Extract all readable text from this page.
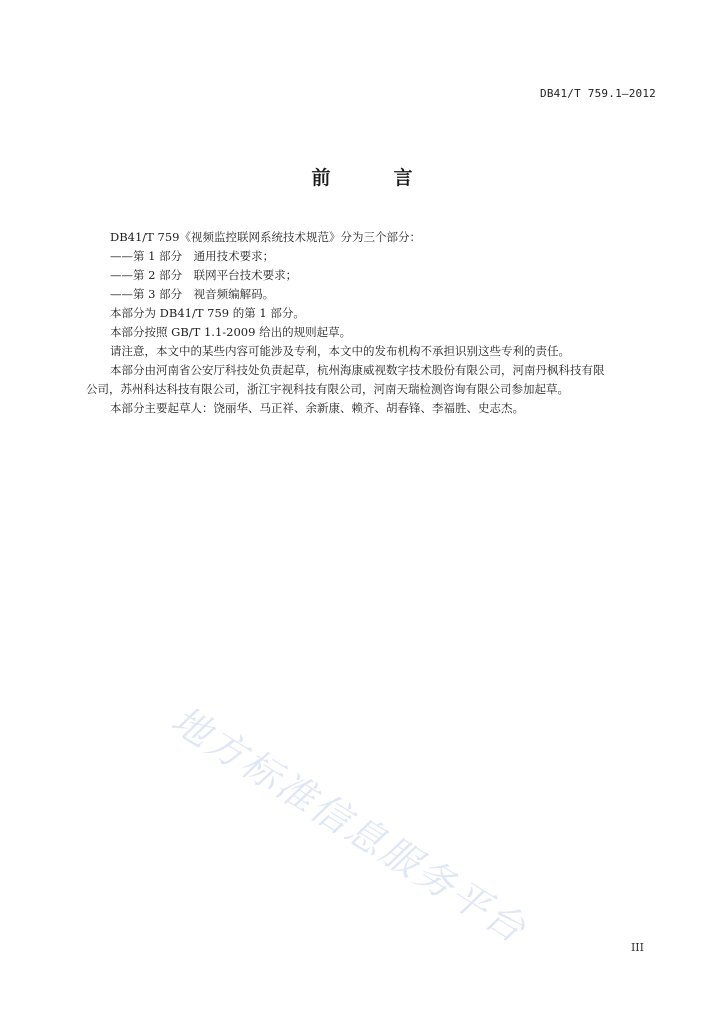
DB41/T 759.1—2012
前　言

DB41/T 759《视频监控联网系统技术规范》分为三个部分：

——第 1 部分　通用技术要求；

——第 2 部分　联网平台技术要求；

——第 3 部分　视音频编解码。

本部分为 DB41/T 759 的第 1 部分。

本部分按照 GB/T 1.1-2009 给出的规则起草。

请注意，本文中的某些内容可能涉及专利，本文中的发布机构不承担识别这些专利的责任。

本部分由河南省公安厅科技处负责起草，杭州海康威视数字技术股份有限公司，河南丹枫科技有限
公司，苏州科达科技有限公司，浙江宇视科技有限公司，河南天瑞检测咨询有限公司参加起草。

本部分主要起草人：饶丽华、马正祥、余新康、赖齐、胡春锋、李福胜、史志杰。

地方标准信息服务平台	III
